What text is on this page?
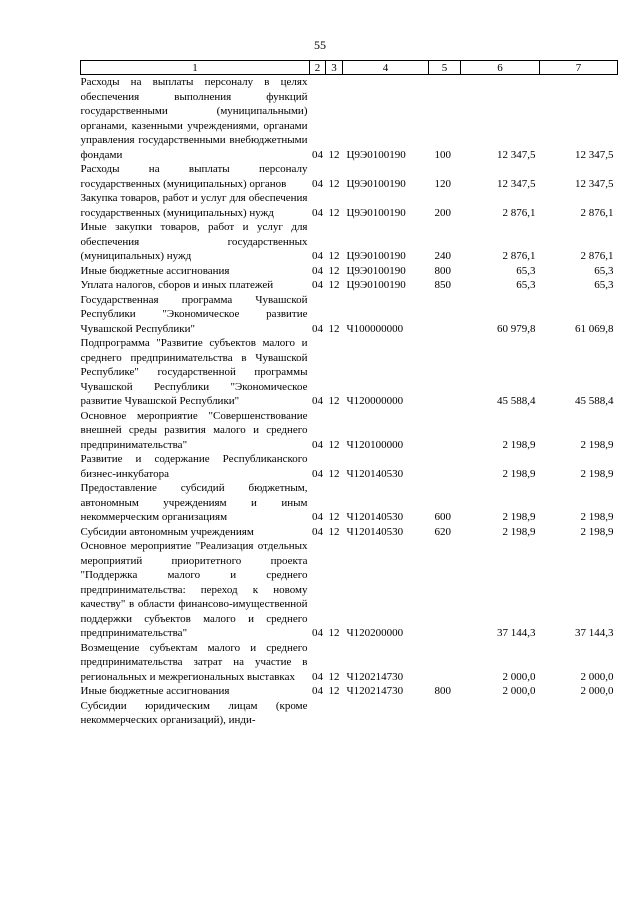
55
1	2	3	4	5	6	7
Расходы на выплаты персоналу в целях обеспечения выполнения функций государственными (муниципальными) органами, казенными учреждениями, органами управления государственными внебюджетными фондами	04	12	Ц9Э0100190	100	12 347,5	12 347,5
Расходы на выплаты персоналу государственных (муниципальных) органов	04	12	Ц9Э0100190	120	12 347,5	12 347,5
Закупка товаров, работ и услуг для обеспечения государственных (муниципальных) нужд	04	12	Ц9Э0100190	200	2 876,1	2 876,1
Иные закупки товаров, работ и услуг для обеспечения государственных (муниципальных) нужд	04	12	Ц9Э0100190	240	2 876,1	2 876,1
Иные бюджетные ассигнования	04	12	Ц9Э0100190	800	65,3	65,3
Уплата налогов, сборов и иных платежей	04	12	Ц9Э0100190	850	65,3	65,3
Государственная программа Чувашской Республики "Экономическое развитие Чувашской Республики"	04	12	Ч100000000		60 979,8	61 069,8
Подпрограмма "Развитие субъектов малого и среднего предпринимательства в Чувашской Республике" государственной программы Чувашской Республики "Экономическое развитие Чувашской Республики"	04	12	Ч120000000		45 588,4	45 588,4
Основное мероприятие "Совершенствование внешней среды развития малого и среднего предпринимательства"	04	12	Ч120100000		2 198,9	2 198,9
Развитие и содержание Республиканского бизнес-инкубатора	04	12	Ч120140530		2 198,9	2 198,9
Предоставление субсидий бюджетным, автономным учреждениям и иным некоммерческим организациям	04	12	Ч120140530	600	2 198,9	2 198,9
Субсидии автономным учреждениям	04	12	Ч120140530	620	2 198,9	2 198,9
Основное мероприятие "Реализация отдельных мероприятий приоритетного проекта "Поддержка малого и среднего предпринимательства: переход к новому качеству" в области финансово-имущественной поддержки субъектов малого и среднего предпринимательства"	04	12	Ч120200000		37 144,3	37 144,3
Возмещение субъектам малого и среднего предпринимательства затрат на участие в региональных и межрегиональных выставках	04	12	Ч120214730		2 000,0	2 000,0
Иные бюджетные ассигнования	04	12	Ч120214730	800	2 000,0	2 000,0
Субсидии юридическим лицам (кроме некоммерческих организаций), инди-						
